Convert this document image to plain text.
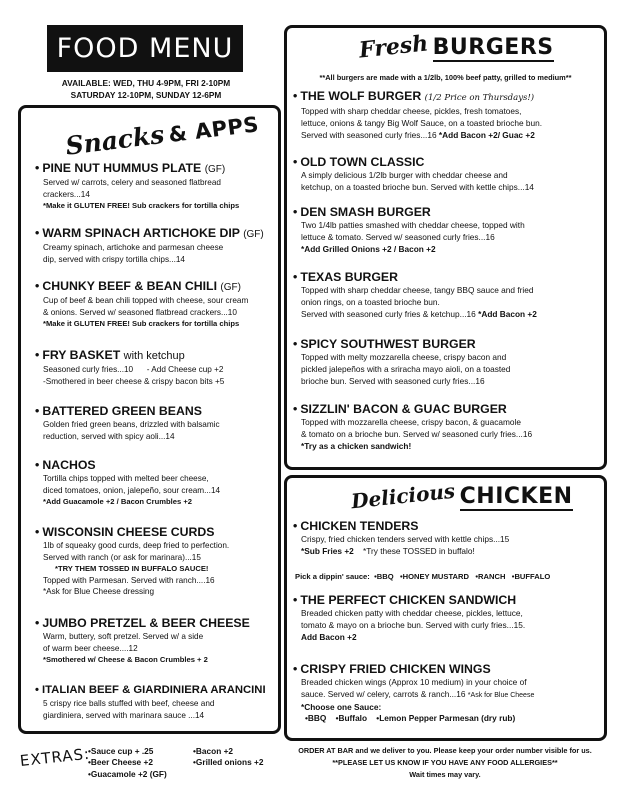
FOOD MENU
AVAILABLE: WED, THU 4-9PM, FRI 2-10PM
SATURDAY 12-10PM, SUNDAY 12-6PM
Snacks & APPS
• PINE NUT HUMMUS PLATE (GF)

Served w/ carrots, celery and seasoned flatbread

crackers...14

*Make it GLUTEN FREE! Sub crackers for tortilla chips

• WARM SPINACH ARTICHOKE DIP (GF)

Creamy spinach, artichoke and parmesan cheese

dip, served with crispy tortilla chips...14

• CHUNKY BEEF & BEAN CHILI (GF)

Cup of beef & bean chili topped with cheese, sour cream

& onions. Served w/ seasoned flatbread crackers...10

*Make it GLUTEN FREE! Sub crackers for tortilla chips

• FRY BASKET with ketchup

Seasoned curly fries...10      - Add Cheese cup +2

-Smothered in beer cheese & crispy bacon bits +5

• BATTERED GREEN BEANS

Golden fried green beans, drizzled with balsamic

reduction, served with spicy aoli...14

• NACHOS

Tortilla chips topped with melted beer cheese,

diced tomatoes, onion, jalepeño, sour cream...14

*Add Guacamole +2 / Bacon Crumbles +2

• WISCONSIN CHEESE CURDS

1lb of squeaky good curds, deep fried to perfection.

Served with ranch (or ask for marinara)...15

*TRY THEM TOSSED IN BUFFALO SAUCE!

Topped with Parmesan. Served with ranch....16

*Ask for Blue Cheese dressing

• JUMBO PRETZEL & BEER CHEESE

Warm, buttery, soft pretzel. Served w/ a side

of warm beer cheese....12

*Smothered w/ Cheese & Bacon Crumbles + 2

• ITALIAN BEEF & GIARDINIERA ARANCINI

5 crispy rice balls stuffed with beef, cheese and

giardiniera, served with marinara sauce ...14

Fresh BURGERS
**All burgers are made with a 1/2lb, 100% beef patty, grilled to medium**
• THE WOLF BURGER (1/2 Price on Thursdays!)

Topped with sharp cheddar cheese, pickles, fresh tomatoes,

lettuce, onions & tangy Big Wolf Sauce, on a toasted brioche bun.

Served with seasoned curly fries...16 *Add Bacon +2/ Guac +2

• OLD TOWN CLASSIC

A simply delicious 1/2lb burger with cheddar cheese and

ketchup, on a toasted brioche bun. Served with kettle chips...14

• DEN SMASH BURGER

Two 1/4lb patties smashed with cheddar cheese, topped with

lettuce & tomato. Served w/ seasoned curly fries...16

*Add Grilled Onions +2 / Bacon +2

• TEXAS BURGER

Topped with sharp cheddar cheese, tangy BBQ sauce and fried

onion rings, on a toasted brioche bun.

Served with seasoned curly fries & ketchup...16 *Add Bacon +2

• SPICY SOUTHWEST BURGER

Topped with melty mozzarella cheese, crispy bacon and

pickled jalepeños with a sriracha mayo aioli, on a toasted

brioche bun. Served with seasoned curly fries...16

• SIZZLIN' BACON & GUAC BURGER

Topped with mozzarella cheese, crispy bacon, & guacamole

& tomato on a brioche bun. Served w/ seasoned curly fries...16

*Try as a chicken sandwich!

Delicious CHICKEN
• CHICKEN TENDERS

Crispy, fried chicken tenders served with kettle chips...15

*Sub Fries +2 *Try these TOSSED in buffalo!

Pick a dippin' sauce: •BBQ •HONEY MUSTARD •RANCH •BUFFALO
• THE PERFECT CHICKEN SANDWICH

Breaded chicken patty with cheddar cheese, pickles, lettuce,

tomato & mayo on a brioche bun. Served with curly fries...15.

Add Bacon +2

• CRISPY FRIED CHICKEN WINGS

Breaded chicken wings (Approx 10 medium) in your choice of

sauce. Served w/ celery, carrots & ranch...16 *Ask for Blue Cheese

*Choose one Sauce:

•BBQ •Buffalo •Lemon Pepper Parmesan (dry rub)

EXTRAS:
•Sauce cup + .25
•Beer Cheese +2
•Guacamole +2 (GF)
•Bacon +2
•Grilled onions +2
ORDER AT BAR and we deliver to you. Please keep your order number visible for us.
**PLEASE LET US KNOW IF YOU HAVE ANY FOOD ALLERGIES**
Wait times may vary.
